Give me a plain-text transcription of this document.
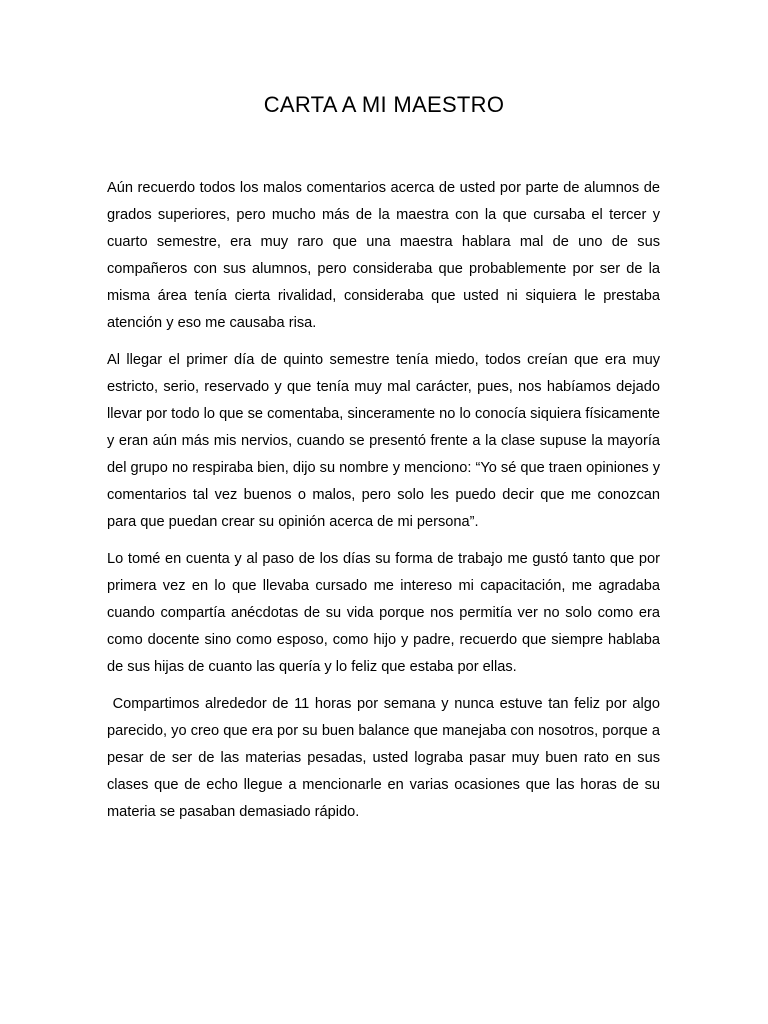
CARTA A MI MAESTRO

Aún recuerdo todos los malos comentarios acerca de usted por parte de alumnos de grados superiores, pero mucho más de la maestra con la que cursaba el tercer y cuarto semestre, era muy raro que una maestra hablara mal de uno de sus compañeros con sus alumnos, pero consideraba que probablemente por ser de la misma área tenía cierta rivalidad, consideraba que usted ni siquiera le prestaba atención y eso me causaba risa.

Al llegar el primer día de quinto semestre tenía miedo, todos creían que era muy estricto, serio, reservado y que tenía muy mal carácter, pues, nos habíamos dejado llevar por todo lo que se comentaba, sinceramente no lo conocía siquiera físicamente y eran aún más mis nervios, cuando se presentó frente a la clase supuse la mayoría del grupo no respiraba bien, dijo su nombre y menciono: “Yo sé que traen opiniones y comentarios tal vez buenos o malos, pero solo les puedo decir que me conozcan para que puedan crear su opinión acerca de mi persona”.

Lo tomé en cuenta y al paso de los días su forma de trabajo me gustó tanto que por primera vez en lo que llevaba cursado me intereso mi capacitación, me agradaba cuando compartía anécdotas de su vida porque nos permitía ver no solo como era como docente sino como esposo, como hijo y padre, recuerdo que siempre hablaba de sus hijas de cuanto las quería y lo feliz que estaba por ellas.

Compartimos alrededor de 11 horas por semana y nunca estuve tan feliz por algo parecido, yo creo que era por su buen balance que manejaba con nosotros, porque a pesar de ser de las materias pesadas, usted lograba pasar muy buen rato en sus clases que de echo llegue a mencionarle en varias ocasiones que las horas de su materia se pasaban demasiado rápido.
